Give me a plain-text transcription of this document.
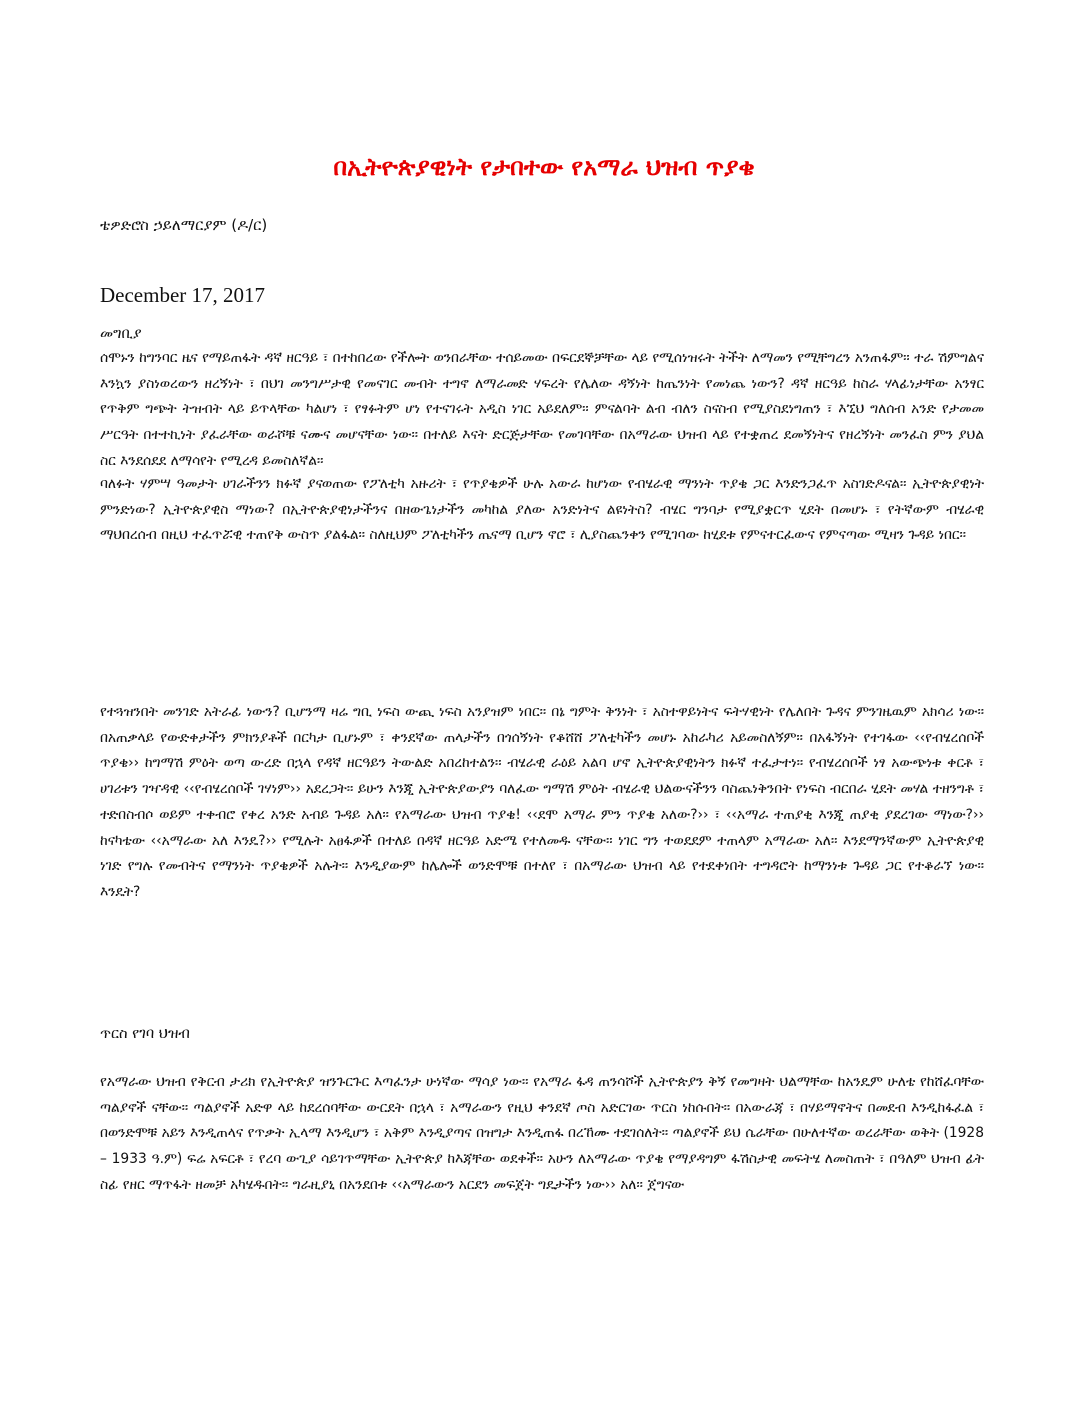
በኢትዮጵያዊነት የታበተው የአማራ ህዝብ ጥያቄ
ቴዎድሮስ ኃይለማርያም (ዶ/ር)
December 17, 2017
መግቢያ

ሰሞኑን ከግንባር ዜና የማይጠፋት ዳኛ ዘርዓይ ፣ በተከበረው የችሎት ወንበራቸው ተሰይመው በፍርደኞቻቸው ላይ የሚሰነዝሩት ትችት ለማመን የሚቸግረን አንጠፋም፡፡ ተራ ሽምግልና እንኳን ያስነወረውን ዘረኝነት ፣ በህገ መንግሥታዊ የመናገር መብት ተግኖ ለማራመድ ሃፍረት የሌለው ዳኝነት ከጤንነት የመነጨ ነውን? ዳኛ ዘርዓይ ከስራ ሃላፊነታቸው አንፃር የጥቅም ግጭት ትዝብት ላይ ይጥላቸው ካልሆነ ፣ የፃፉትም ሆነ የተናገሩት አዲስ ነገር አይደለም፡፡ ምናልባት ልብ ብለን ስናስብ የሚያስደነግጠን ፣ እኚህ ግለሰብ አንድ የታመመ ሥርዓት በተተኪነት ያፈራቸው ወራሾቹ ናሙና መሆናቸው ነው፡፡ በተለይ እናት ድርጅታቸው የመገባቸው በአማራው ህዝብ ላይ የተቋጠረ ደመኝነትና የዘረኝነት መንፈስ ምን ያህል ስር እንደሰደደ ለማሳየት የሚረዳ ይመስለኛል፡፡

ባለፉት ሃምሣ ዓመታት ሀገራችንን ክፉኛ ያናወጠው የፖለቲካ አዙሪት ፣ የጥያቄዎች ሁሉ አውራ ከሆነው የብሄራዊ ማንነት ጥያቄ ጋር እንድንጋፈጥ አስገድዶናል፡፡ ኢትዮጵያዊነት ምንድነው? ኢትዮጵያዊስ ማነው? በኢትዮጵያዊነታችንና በዘውጌነታችን መካከል ያለው አንድነትና ልዩነትስ? ብሄር ግንባታ የሚያቋርጥ ሂደት በመሆኑ ፣ የትኛውም ብሄራዊ ማህበረሰብ በዚህ ተፈጥሯዊ ተጠየቅ ውስጥ ያልፋል፡፡ ስለዚህም ፖለቲካችን ጤናማ ቢሆን ኖሮ ፣ ሊያስጨንቀን የሚገባው ከሂደቱ የምናተርፈውና የምናጣው ሚዛን ጉዳይ ነበር፡፡

የተጓዝንበት መንገድ አትራፊ ነውን? ቢሆንማ ዛሬ ግቢ ነፍስ ውጪ ነፍስ አንያዝም ነበር፡፡ በኔ ግምት ቅንነት ፣ አስተዋይነትና ፍትሃዊነት የሌለበት ጉዳና ምንገዜዉም አክሳሪ ነው፡፡ በአጠቃላይ የውድቀታችን ምክንያቶች በርካታ ቢሆኑም ፣ ቀንደኛው ጠላታችን በጎሰኝነት የቆሸሸ ፖለቲካችን መሆኑ አከራካሪ አይመስለኝም፡፡ በአፋኝነት የተገፋው ‹‹የብሄረሰቦች ጥያቄ›› ከግማሽ ምዕት ወጣ ውረድ በኋላ የዳኛ ዘርዓይን ትውልድ አበረከተልን፡፡ ብሄራዊ ራዕይ አልባ ሆኖ ኢትዮጵያዊነትን ክፉኛ ተፈታተነ፡፡ የብሄረሰቦች ነፃ አውጭነቱ ቀርቶ ፣ ሀገሪቱን ገዣዳዊ ‹‹የብሄረሰቦች ገሃነም›› አደረጋት፡፡ ይሁን እንጂ ኢትዮጵያውያን ባለፈው ግማሽ ምዕት ብሄራዊ ህልውናችንን ባስጨነቅንበት የነፍስ ብርበራ ሂደት መሃል ተዘንግቶ ፣ ተድበስብሶ ወይም ተቀብሮ የቀረ አንድ አብይ ጉዳይ አለ፡፡ የአማራው ህዝብ ጥያቄ! ‹‹ደሞ አማራ ምን ጥያቄ አለው?›› ፣ ‹‹አማራ ተጠያቂ እንጂ ጠያቂ ያደረገው ማነው?›› ከናካቴው ‹‹አማራው አለ እንዴ?›› የሚሉት አፀፋዎች በተለይ በዳኛ ዘርዓይ አድሜ የተለመዱ ናቸው፡፡ ነገር ግን ተወደደም ተጠላም አማራው አለ፡፡ እንደማንኛውም ኢትዮጵያዊ ነገድ የግሉ የመብትና የማንነት ጥያቄዎች አሉት፡፡ እንዲያውም ከሌሎች ወንድሞቹ በተለየ ፣ በአማራው ህዝብ ላይ የተደቀነበት ተግዳሮት ከማንነቱ ጉዳይ ጋር የተቆራኘ ነው፡፡ እንዴት?

ጥርስ የገባ ህዝብ

የአማራው ህዝብ የቅርብ ታሪክ የኢትዮጵያ ዝንጉርጉር እጣፈንታ ሁነኛው ማሳያ ነው፡፡ የአማራ ፋዳ ጠንሳሾች ኢትዮጵያን ቅኝ የመግዛት ህልማቸው ከአንዴም ሁለቴ የከሸፈባቸው ጣልያኖች ናቸው፡፡ ጣልያኖች አድዋ ላይ ከደረሰባቸው ውርደት በኋላ ፣ አማራውን የዚህ ቀንደኛ ጦስ አድርገው ጥርስ ነከሱበት፡፡ በአውራጃ ፣ በሃይማኖትና በመደብ እንዲከፋፈል ፣ በወንድሞቹ አይን እንዲጠላና የጥቃት ኢላማ እንዲሆን ፣ አቅም እንዲያጣና በዝግታ እንዲጠፋ በረኸሙ ተደገሰለት፡፡ ጣልያኖች ይህ ሴራቸው በሁለተኛው ወረራቸው ወቅት (1928 – 1933 ዓ.ም) ፍሬ አፍርቶ ፣ የረባ ውጊያ ሳይገጥማቸው ኢትዮጵያ ከእጃቸው ወደቀች፡፡ አሁን ለአማራው ጥያቄ የማያዳግም ፋሽስታዊ መፍትሄ ለመስጠት ፣ በዓለም ህዝብ ፊት ስፊ የዘር ማጥፋት ዘመቻ አካሄዱበት፡፡ ግራዚያኒ በአንደበቱ ‹‹አማራውን አርደን መፍጀት ግዴታችን ነው›› አለ፡፡ ጀግናው
